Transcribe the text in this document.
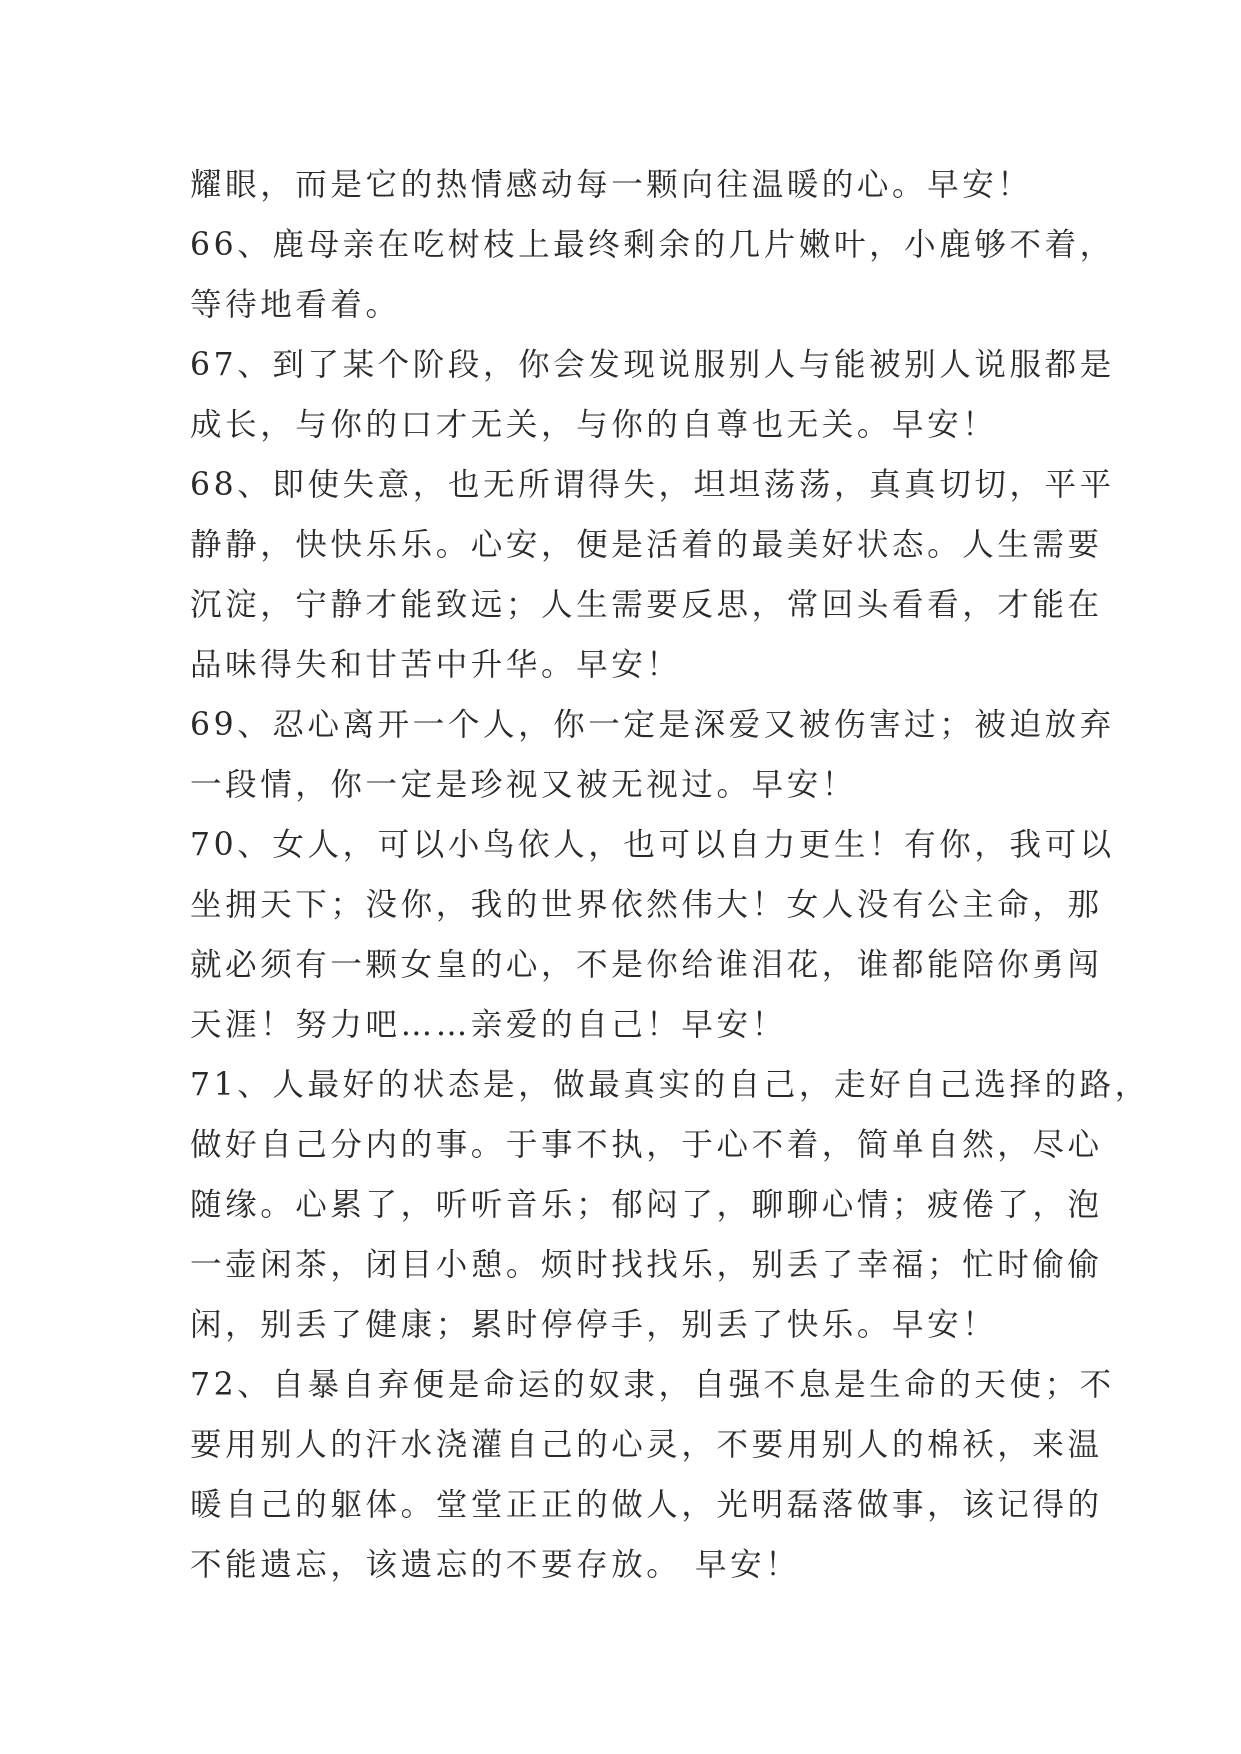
耀眼，而是它的热情感动每一颗向往温暖的心。早安！
66、鹿母亲在吃树枝上最终剩余的几片嫩叶，小鹿够不着，
等待地看着。
67、到了某个阶段，你会发现说服别人与能被别人说服都是
成长，与你的口才无关，与你的自尊也无关。早安！
68、即使失意，也无所谓得失，坦坦荡荡，真真切切，平平
静静，快快乐乐。心安，便是活着的最美好状态。人生需要
沉淀，宁静才能致远；人生需要反思，常回头看看，才能在
品味得失和甘苦中升华。早安！
69、忍心离开一个人，你一定是深爱又被伤害过；被迫放弃
一段情，你一定是珍视又被无视过。早安！
70、女人，可以小鸟依人，也可以自力更生！有你，我可以
坐拥天下；没你，我的世界依然伟大！女人没有公主命，那
就必须有一颗女皇的心，不是你给谁泪花，谁都能陪你勇闯
天涯！努力吧……亲爱的自己！早安！
71、人最好的状态是，做最真实的自己，走好自己选择的路，
做好自己分内的事。于事不执，于心不着，简单自然，尽心
随缘。心累了，听听音乐；郁闷了，聊聊心情；疲倦了，泡
一壶闲茶，闭目小憩。烦时找找乐，别丢了幸福；忙时偷偷
闲，别丢了健康；累时停停手，别丢了快乐。早安！
72、自暴自弃便是命运的奴隶，自强不息是生命的天使；不
要用别人的汗水浇灌自己的心灵，不要用别人的棉袄，来温
暖自己的躯体。堂堂正正的做人，光明磊落做事，该记得的
不能遗忘，该遗忘的不要存放。 早安！
